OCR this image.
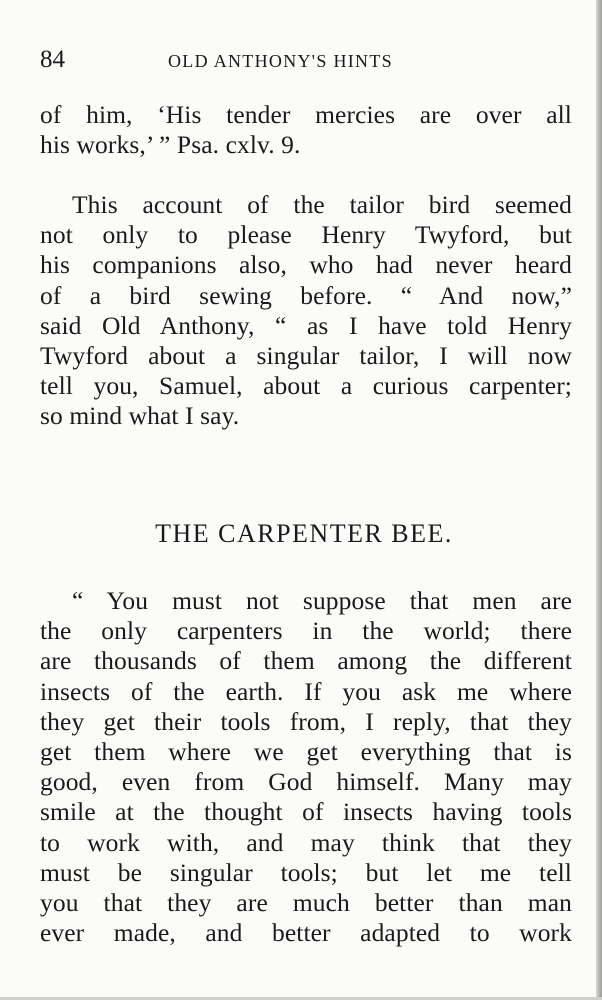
84	OLD ANTHONY'S HINTS
of him, ‘His tender mercies are over all
his works,’ ” Psa. cxlv. 9.
This account of the tailor bird seemed
not only to please Henry Twyford, but
his companions also, who had never heard
of a bird sewing before. “ And now,”
said Old Anthony, “ as I have told Henry
Twyford about a singular tailor, I will now
tell you, Samuel, about a curious carpenter;
so mind what I say.
THE CARPENTER BEE.
“ You must not suppose that men are
the only carpenters in the world; there
are thousands of them among the different
insects of the earth. If you ask me where
they get their tools from, I reply, that they
get them where we get everything that is
good, even from God himself. Many may
smile at the thought of insects having tools
to work with, and may think that they
must be singular tools; but let me tell
you that they are much better than man
ever made, and better adapted to work
